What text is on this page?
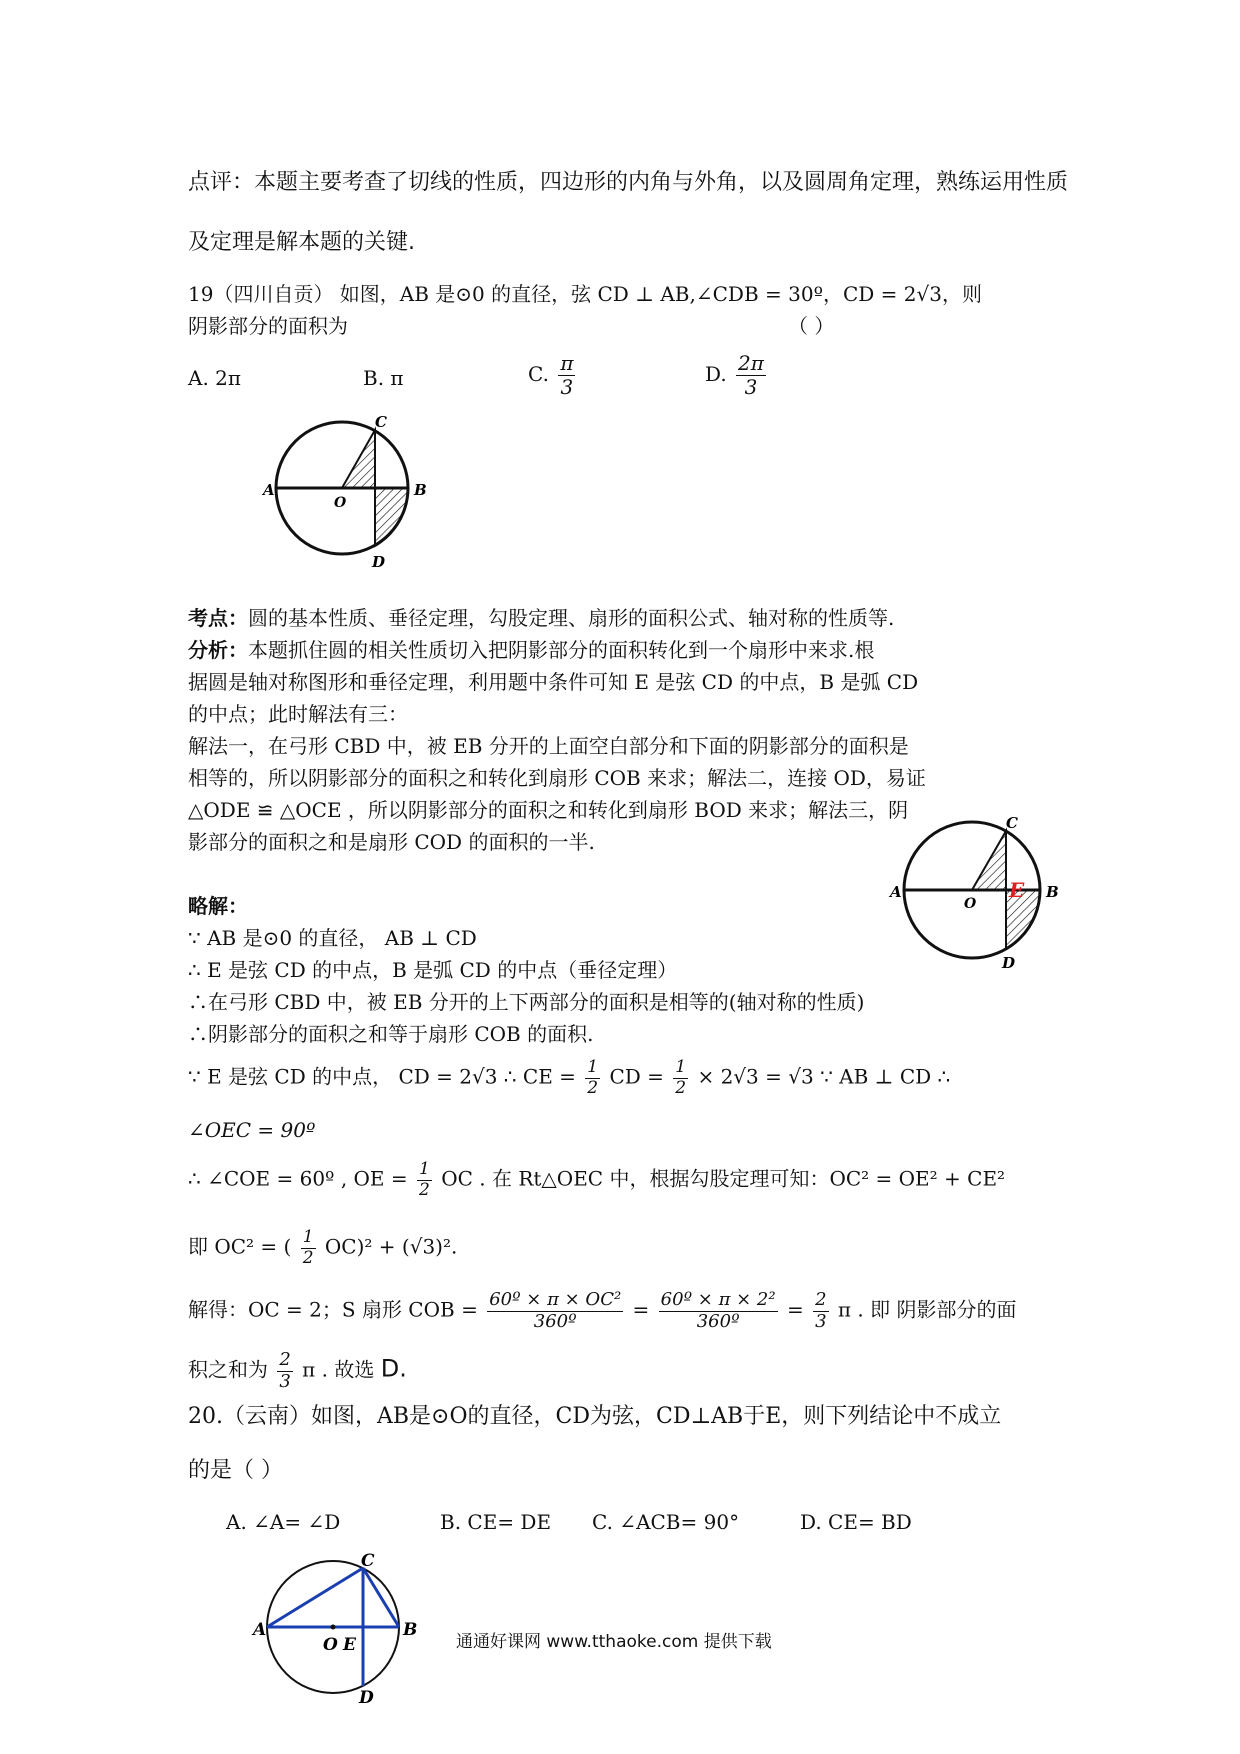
点评：本题主要考查了切线的性质，四边形的内角与外角，以及圆周角定理，熟练运用性质
及定理是解本题的关键.
19（四川自贡） 如图，AB 是⊙0 的直径，弦 CD ⊥ AB,∠CDB = 30º，CD = 2√3，则
阴影部分的面积为	（ ）
A. 2π	B. π	C. $\frac{\pi}{3}$	D. $\frac{2\pi}{3}$
A	B
C
D
O
考点：圆的基本性质、垂径定理，勾股定理、扇形的面积公式、轴对称的性质等.
分析：本题抓住圆的相关性质切入把阴影部分的面积转化到一个扇形中来求.根
据圆是轴对称图形和垂径定理，利用题中条件可知 E 是弦 CD 的中点，B 是弧 CD
的中点；此时解法有三：
解法一，在弓形 CBD 中，被 EB 分开的上面空白部分和下面的阴影部分的面积是
相等的，所以阴影部分的面积之和转化到扇形 COB 来求；解法二，连接 OD，易证
△ODE ≌ △OCE ，所以阴影部分的面积之和转化到扇形 BOD 来求；解法三，阴
影部分的面积之和是扇形 COD 的面积的一半.
A	B
C
D
O
E
略解：
∵ AB 是⊙0 的直径， AB ⊥ CD
∴ E 是弦 CD 的中点，B 是弧 CD 的中点（垂径定理）
∴在弓形 CBD 中，被 EB 分开的上下两部分的面积是相等的(轴对称的性质)
∴阴影部分的面积之和等于扇形 COB 的面积.
∵ E 是弦 CD 的中点， CD = 2√3 ∴ CE = $\frac{1}{2}$ CD = $\frac{1}{2} \times 2√3 = √3$ ∵ AB ⊥ CD ∴
∠OEC = 90º
∴ ∠COE = 60º , OE = $\frac{1}{2}$ OC . 在 Rt△OEC 中，根据勾股定理可知：OC² = OE² + CE²
即 OC² = ( $\frac{1}{2} OC)^2 + (√3)^2$.
解得：OC = 2；S 扇形 COB = $\frac{\text{60º × π × OC²}}{\text{360º}} = \frac{\text{60º × π × 2²}}{\text{360º}} = \frac{2}{3}$ π . 即 阴影部分的面
积之和为 $\frac{2}{3}$ π . 故选 D.
20.（云南）如图，AB是⊙O的直径，CD为弦，CD⊥AB于E，则下列结论中不成立
的是（ ）
A. ∠A= ∠D	B. CE= DE C. ∠ACB= 90°	D. CE= BD
A	B
C
D
O E	通通好课网 www.tthaoke.com 提供下载
